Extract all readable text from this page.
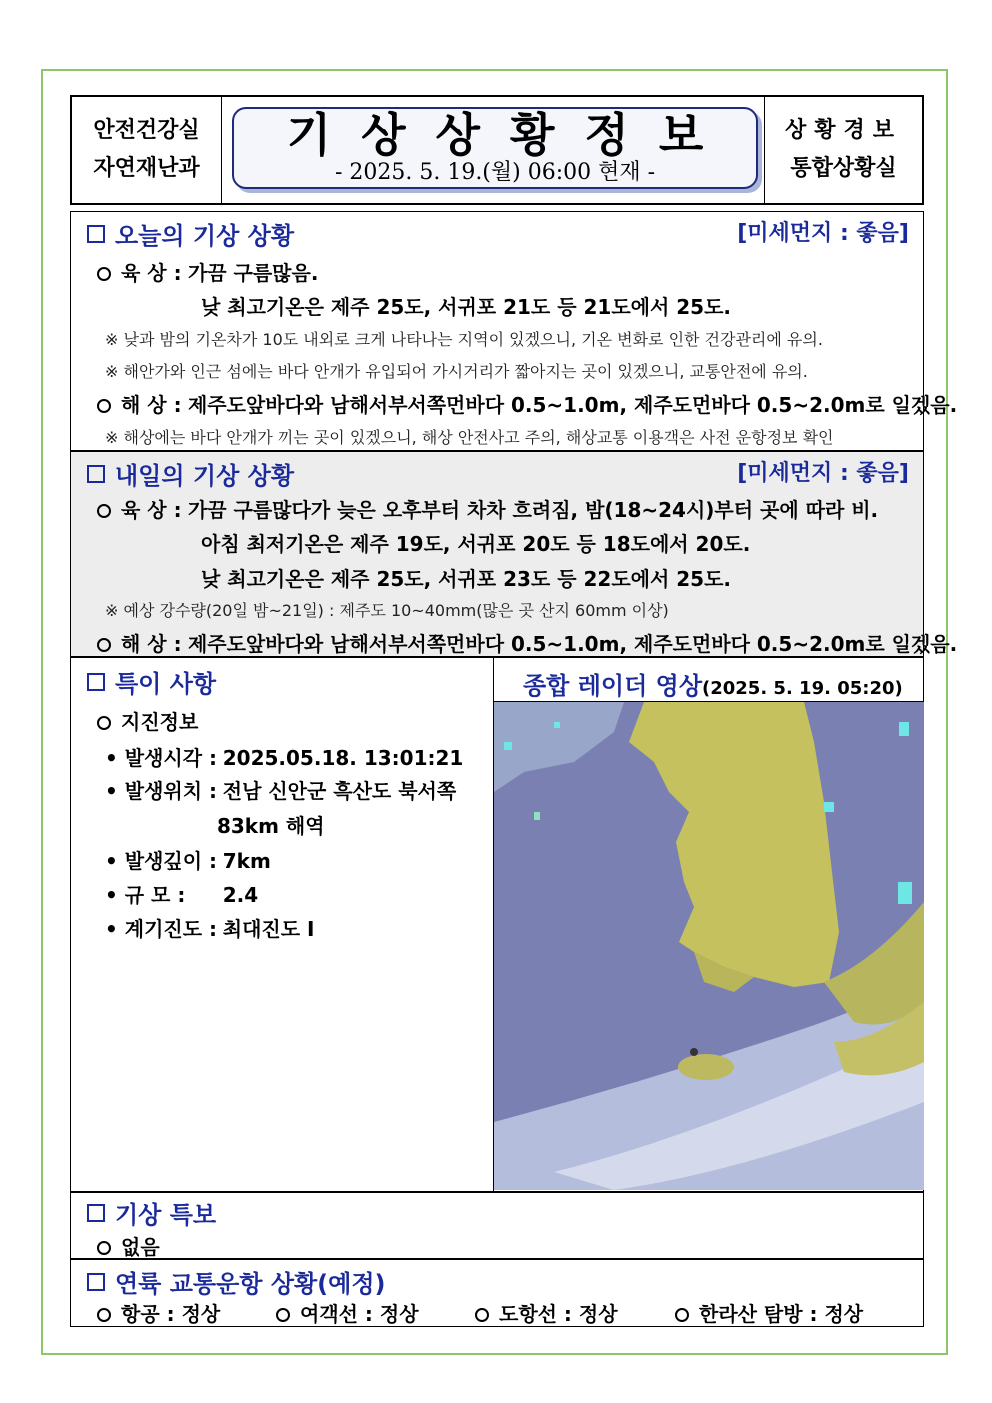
안전건강실
자연재난과
기상상황정보
- 2025. 5. 19.(월) 06:00 현재 -
상황경보
통합상황실
오늘의 기상 상황	[미세먼지 : 좋음]
육 상 : 가끔 구름많음.
낮 최고기온은 제주 25도, 서귀포 21도 등 21도에서 25도.
※ 낮과 밤의 기온차가 10도 내외로 크게 나타나는 지역이 있겠으니, 기온 변화로 인한 건강관리에 유의.
※ 해안가와 인근 섬에는 바다 안개가 유입되어 가시거리가 짧아지는 곳이 있겠으니, 교통안전에 유의.
해 상 : 제주도앞바다와 남해서부서쪽먼바다 0.5~1.0m, 제주도먼바다 0.5~2.0m로 일겠음.
※ 해상에는 바다 안개가 끼는 곳이 있겠으니, 해상 안전사고 주의, 해상교통 이용객은 사전 운항정보 확인
내일의 기상 상황	[미세먼지 : 좋음]
육 상 : 가끔 구름많다가 늦은 오후부터 차차 흐려짐, 밤(18~24시)부터 곳에 따라 비.
아침 최저기온은 제주 19도, 서귀포 20도 등 18도에서 20도.
낮 최고기온은 제주 25도, 서귀포 23도 등 22도에서 25도.
※ 예상 강수량(20일 밤~21일) : 제주도 10~40mm(많은 곳 산지 60mm 이상)
해 상 : 제주도앞바다와 남해서부서쪽먼바다 0.5~1.0m, 제주도먼바다 0.5~2.0m로 일겠음.
특이 사항
지진정보
• 발생시각 : 2025.05.18. 13:01:21
• 발생위치 : 전남 신안군 흑산도 북서쪽
83km 해역
• 발생깊이 : 7km
• 규 모 : 2.4
• 계기진도 : 최대진도 Ⅰ
종합 레이더 영상(2025. 5. 19. 05:20)
기상 특보
없음
연륙 교통운항 상황(예정)
항공 : 정상	여객선 : 정상	도항선 : 정상	한라산 탐방 : 정상
